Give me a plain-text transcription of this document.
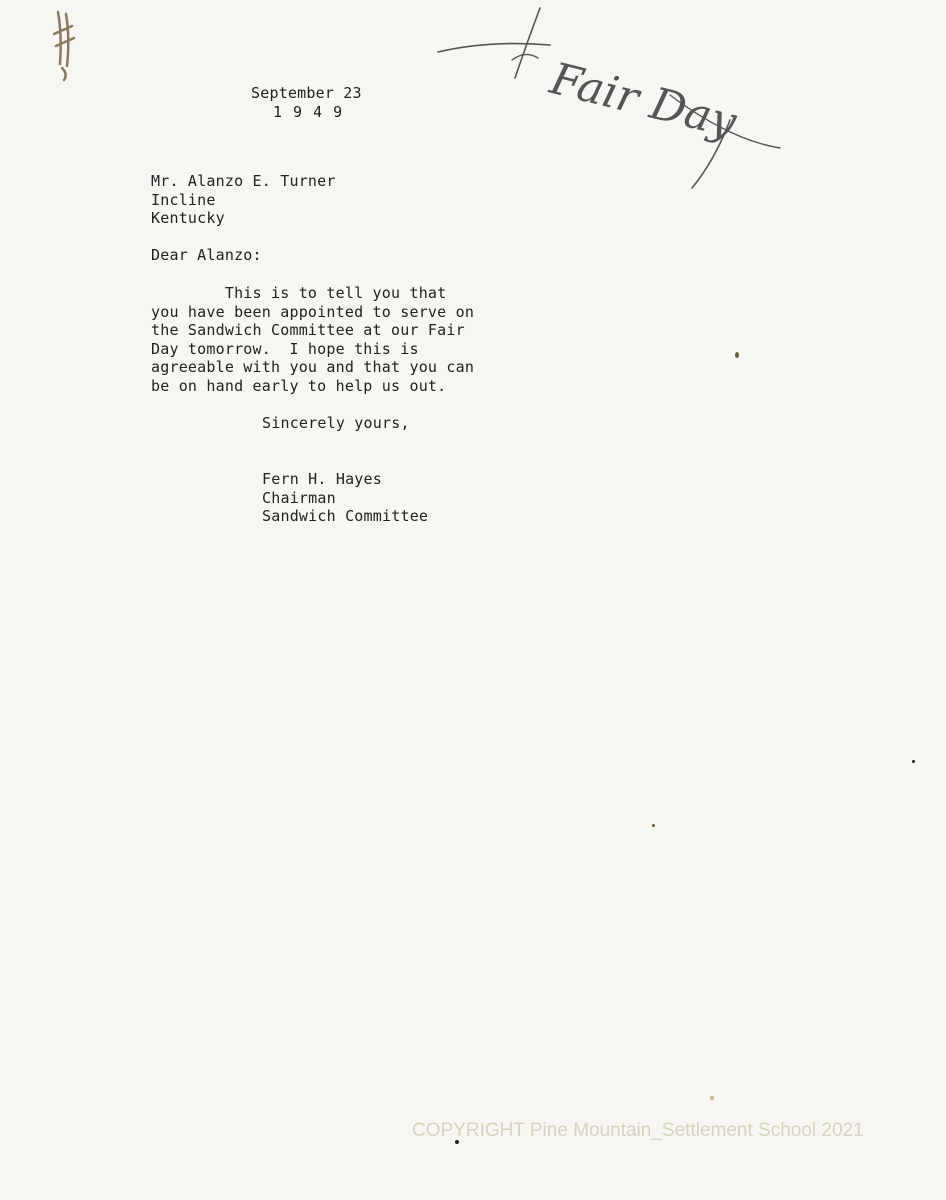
Fair Day
September 23
1 9 4 9
Mr. Alanzo E. Turner
Incline
Kentucky
Dear Alanzo:
This is to tell you that
you have been appointed to serve on
the Sandwich Committee at our Fair
Day tomorrow.  I hope this is
agreeable with you and that you can
be on hand early to help us out.
Sincerely yours,
Fern H. Hayes
Chairman
Sandwich Committee
COPYRIGHT Pine Mountain_Settlement School 2021
